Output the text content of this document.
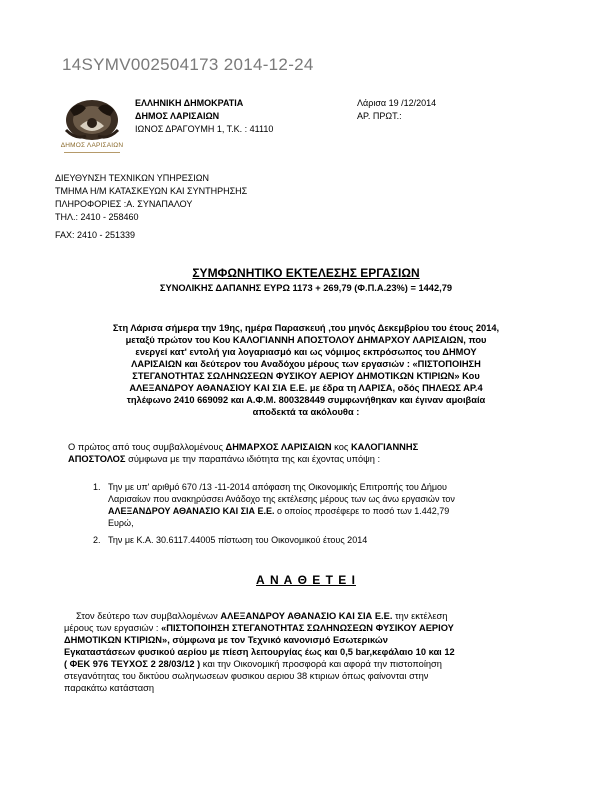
14SYMV002504173 2014-12-24
ΔΗΜΟΣ ΛΑΡΙΣΑΙΩΝ
ΕΛΛΗΝΙΚΗ ΔΗΜΟΚΡΑΤΙΑ
ΔΗΜΟΣ ΛΑΡΙΣΑΙΩΝ
ΙΩΝΟΣ ΔΡΑΓΟΥΜΗ 1, Τ.Κ. : 41110
Λάρισα 19 /12/2014
ΑΡ. ΠΡΩΤ.:
ΔΙΕΥΘΥΝΣΗ ΤΕΧΝΙΚΩΝ ΥΠΗΡΕΣΙΩΝ
ΤΜΗΜΑ Η/Μ ΚΑΤΑΣΚΕΥΩΝ ΚΑΙ ΣΥΝΤΗΡΗΣΗΣ
ΠΛΗΡΟΦΟΡΙΕΣ :Α. ΣΥΝΑΠΑΛΟΥ
ΤΗΛ.: 2410 - 258460
FAX: 2410 - 251339
ΣΥΜΦΩΝΗΤΙΚΟ ΕΚΤΕΛΕΣΗΣ ΕΡΓΑΣΙΩΝ
ΣΥΝΟΛΙΚΗΣ ΔΑΠΑΝΗΣ ΕΥΡΩ 1173 + 269,79 (Φ.Π.Α.23%) = 1442,79
Στη Λάρισα σήμερα την 19ης, ημέρα Παρασκευή ,του μηνός Δεκεμβρίου του έτους 2014,
μεταξύ πρώτον του Κου ΚΑΛΟΓΙΑΝΝΗ ΑΠΟΣΤΟΛΟΥ ΔΗΜΑΡΧΟΥ ΛΑΡΙΣΑΙΩΝ, που
ενεργεί κατ' εντολή για λογαριασμό και ως νόμιμος εκπρόσωπος του ΔΗΜΟΥ
ΛΑΡΙΣΑΙΩΝ και δεύτερον του Αναδόχου μέρους των εργασιών : «ΠΙΣΤΟΠΟΙΗΣΗ
ΣΤΕΓΑΝΟΤΗΤΑΣ ΣΩΛΗΝΩΣΕΩΝ ΦΥΣΙΚΟΥ ΑΕΡΙΟΥ ΔΗΜΟΤΙΚΩΝ ΚΤΙΡΙΩΝ» Κου
ΑΛΕΞΑΝΔΡΟΥ ΑΘΑΝΑΣΙΟΥ ΚΑΙ ΣΙΑ Ε.Ε. με έδρα τη ΛΑΡΙΣΑ, οδός ΠΗΛΕΩΣ ΑΡ.4
τηλέφωνο 2410 669092 και Α.Φ.Μ. 800328449 συμφωνήθηκαν και έγιναν αμοιβαία
αποδεκτά τα ακόλουθα :
Ο πρώτος από τους συμβαλλομένους ΔΗΜΑΡΧΟΣ ΛΑΡΙΣΑΙΩΝ κος ΚΑΛΟΓΙΑΝΝΗΣ
ΑΠΟΣΤΟΛΟΣ σύμφωνα με την παραπάνω ιδιότητα της και έχοντας υπόψη :
1. Την με υπ' αριθμό 670 /13 -11-2014 απόφαση της Οικονομικής Επιτροπής του Δήμου
Λαρισαίων που ανακηρύσσει Ανάδοχο της εκτέλεσης μέρους των ως άνω εργασιών τον
ΑΛΕΞΑΝΔΡΟΥ ΑΘΑΝΑΣΙΟ ΚΑΙ ΣΙΑ Ε.Ε. ο οποίος προσέφερε το ποσό των 1.442,79
Ευρώ,
2. Την με Κ.Α. 30.6117.44005 πίστωση του Οικονομικού έτους 2014
Α Ν Α Θ Ε Τ Ε Ι
Στον δεύτερο των συμβαλλομένων ΑΛΕΞΑΝΔΡΟΥ ΑΘΑΝΑΣΙΟ ΚΑΙ ΣΙΑ Ε.Ε. την εκτέλεση
μέρους των εργασιών : «ΠΙΣΤΟΠΟΙΗΣΗ ΣΤΕΓΑΝΟΤΗΤΑΣ ΣΩΛΗΝΩΣΕΩΝ ΦΥΣΙΚΟΥ ΑΕΡΙΟΥ
ΔΗΜΟΤΙΚΩΝ ΚΤΙΡΙΩΝ», σύμφωνα με τον Τεχνικό κανονισμό Εσωτερικών
Εγκαταστάσεων φυσικού αερίου με πίεση λειτουργίας έως και 0,5 bar,κεφάλαιο 10 και 12
( ΦΕΚ 976 ΤΕΥΧΟΣ 2 28/03/12 ) και την Οικονομική προσφορά και αφορά την πιστοποίηση
στεγανότητας του δικτύου σωληνωσεων φυσικου αεριου 38 κτιριων όπως φαίνονται στην
παρακάτω κατάσταση
